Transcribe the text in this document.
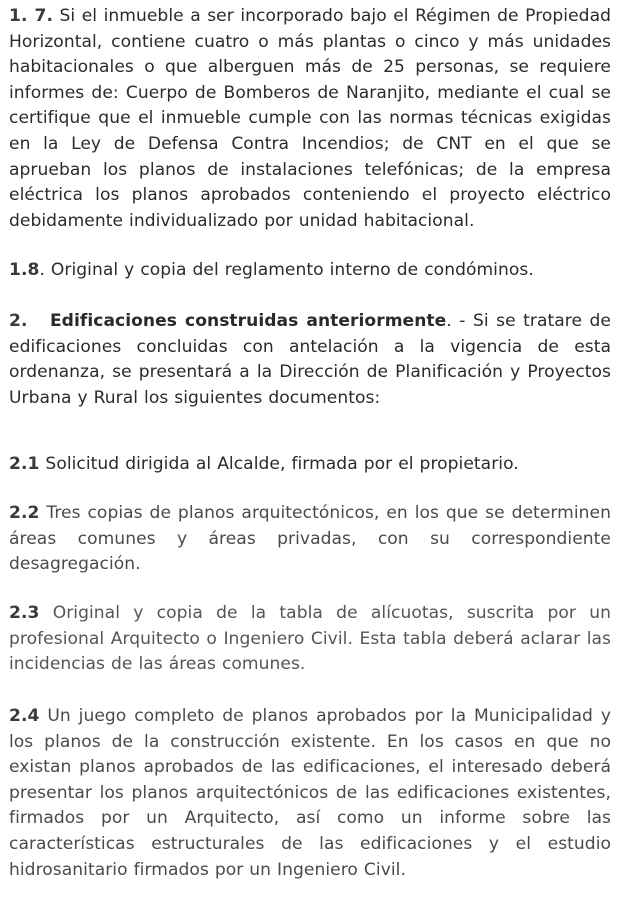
1. 7. Si el inmueble a ser incorporado bajo el Régimen de Propiedad Horizontal, contiene cuatro o más plantas o cinco y más unidades habitacionales o que alberguen más de 25 personas, se requiere informes de: Cuerpo de Bomberos de Naranjito, mediante el cual se certifique que el inmueble cumple con las normas técnicas exigidas en la Ley de Defensa Contra Incendios; de CNT en el que se aprueban los planos de instalaciones telefónicas; de la empresa eléctrica los planos aprobados conteniendo el proyecto eléctrico debidamente individualizado por unidad habitacional.

1.8. Original y copia del reglamento interno de condóminos.

2. Edificaciones construidas anteriormente. - Si se tratare de edificaciones concluidas con antelación a la vigencia de esta ordenanza, se presentará a la Dirección de Planificación y Proyectos Urbana y Rural los siguientes documentos:

2.1 Solicitud dirigida al Alcalde, firmada por el propietario.

2.2 Tres copias de planos arquitectónicos, en los que se determinen áreas comunes y áreas privadas, con su correspondiente desagregación.

2.3 Original y copia de la tabla de alícuotas, suscrita por un profesional Arquitecto o Ingeniero Civil. Esta tabla deberá aclarar las incidencias de las áreas comunes.

2.4 Un juego completo de planos aprobados por la Municipalidad y los planos de la construcción existente. En los casos en que no existan planos aprobados de las edificaciones, el interesado deberá presentar los planos arquitectónicos de las edificaciones existentes, firmados por un Arquitecto, así como un informe sobre las características estructurales de las edificaciones y el estudio hidrosanitario firmados por un Ingeniero Civil.
